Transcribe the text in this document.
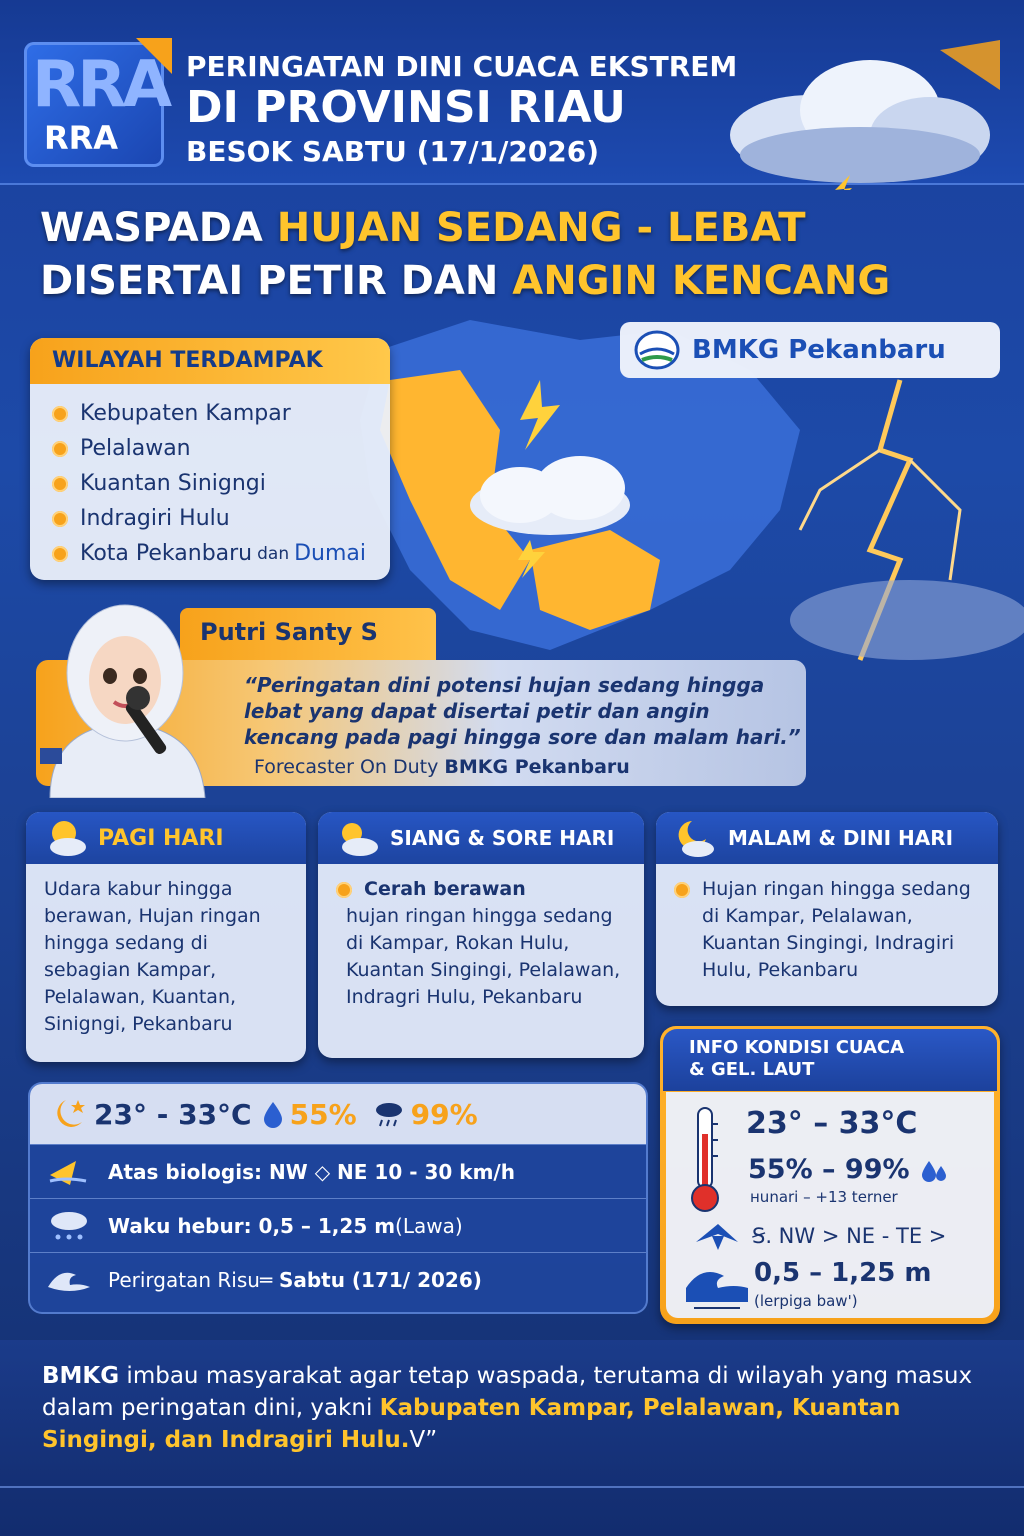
RRA
RRA
PERINGATAN DINI CUACA EKSTREM
DI PROVINSI RIAU
BESOK SABTU (17/1/2026)
WASPADA HUJAN SEDANG - LEBAT
DISERTAI PETIR DAN ANGIN KENCANG
BMKG Pekanbaru
WILAYAH TERDAMPAK
Kebupaten Kampar
Pelalawan
Kuantan Sinigngi
Indragiri Hulu
Kota Pekanbaru dan Dumai
“Peringatan dini potensi hujan sedang hingga lebat yang dapat disertai petir dan angin kencang pada pagi hingga sore dan malam hari.”
Forecaster On Duty BMKG Pekanbaru
Putri Santy S
PAGI HARI
Udara kabur hingga berawan, Hujan ringan hingga sedang di sebagian Kampar, Pelalawan, Kuantan, Sinigngi, Pekanbaru
SIANG & SORE HARI
Cerah berawan
hujan ringan hingga sedang di Kampar, Rokan Hulu, Kuantan Singingi, Pelalawan, Indragri Hulu, Pekanbaru
MALAM & DINI HARI
Hujan ringan hingga sedang di Kampar, Pelalawan, Kuantan Singingi, Indragiri Hulu, Pekanbaru
23° - 33°C 55% 99%
Atas biologis: NW ◇ NE 10 - 30 km/h
Waku hebur: 0,5 – 1,25 m (Lawa)
Perirgatan Risu ═ Sabtu (171/ 2026)
INFO KONDISI CUACA
& GEL. LAUT
23° – 33°C
55% – 99%
ʜunari – +13 terner
Ꞩ. NW > NE - TE >
0,5 – 1,25 m
(lerpiga bawꞌ)
BMKG imbau masyarakat agar tetap waspada, terutama di wilayah yang masux dalam peringatan dini, yakni Kabupaten Kampar, Pelalawan, Kuantan Singingi, dan Indragiri Hulu.ᐯ”
